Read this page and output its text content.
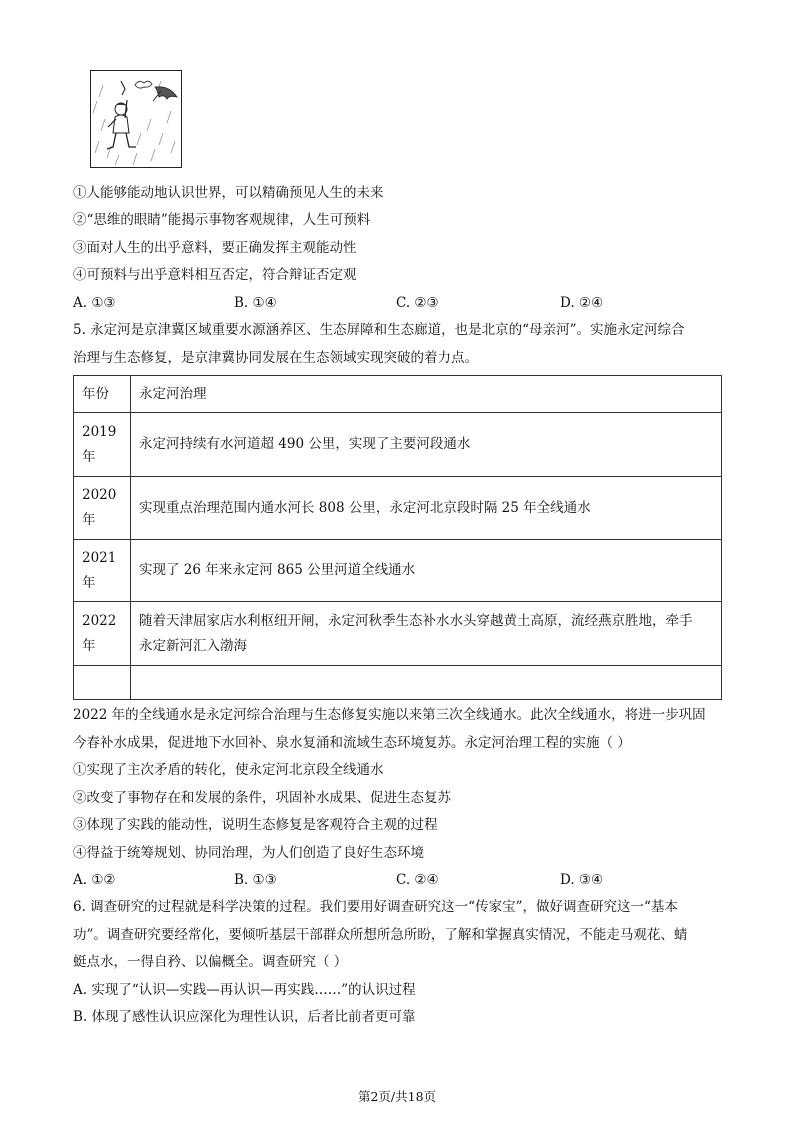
①人能够能动地认识世界，可以精确预见人生的未来
②“思维的眼睛”能揭示事物客观规律，人生可预料
③面对人生的出乎意料，要正确发挥主观能动性
④可预料与出乎意料相互否定，符合辩证否定观
A. ①③	B. ①④	C. ②③	D. ②④
5. 永定河是京津冀区域重要水源涵养区、生态屏障和生态廊道，也是北京的“母亲河”。实施永定河综合
治理与生态修复，是京津冀协同发展在生态领域实现突破的着力点。
年份	永定河治理
2019
年	永定河持续有水河道超 490 公里，实现了主要河段通水
2020
年	实现重点治理范围内通水河长 808 公里，永定河北京段时隔 25 年全线通水
2021
年	实现了 26 年来永定河 865 公里河道全线通水
2022
年	随着天津屈家店水利枢纽开闸，永定河秋季生态补水水头穿越黄土高原，流经燕京胜地，牵手
永定新河汇入渤海

2022 年的全线通水是永定河综合治理与生态修复实施以来第三次全线通水。此次全线通水，将进一步巩固
今春补水成果，促进地下水回补、泉水复涌和流域生态环境复苏。永定河治理工程的实施（ ）
①实现了主次矛盾的转化，使永定河北京段全线通水
②改变了事物存在和发展的条件，巩固补水成果、促进生态复苏
③体现了实践的能动性，说明生态修复是客观符合主观的过程
④得益于统筹规划、协同治理，为人们创造了良好生态环境
A. ①②	B. ①③	C. ②④	D. ③④
6. 调查研究的过程就是科学决策的过程。我们要用好调查研究这一“传家宝”，做好调查研究这一“基本
功”。调查研究要经常化，要倾听基层干部群众所想所急所盼，了解和掌握真实情况，不能走马观花、蜻
蜓点水，一得自矜、以偏概全。调查研究（ ）
A. 实现了“认识—实践—再认识—再实践……”的认识过程
B. 体现了感性认识应深化为理性认识，后者比前者更可靠
第2页/共18页
